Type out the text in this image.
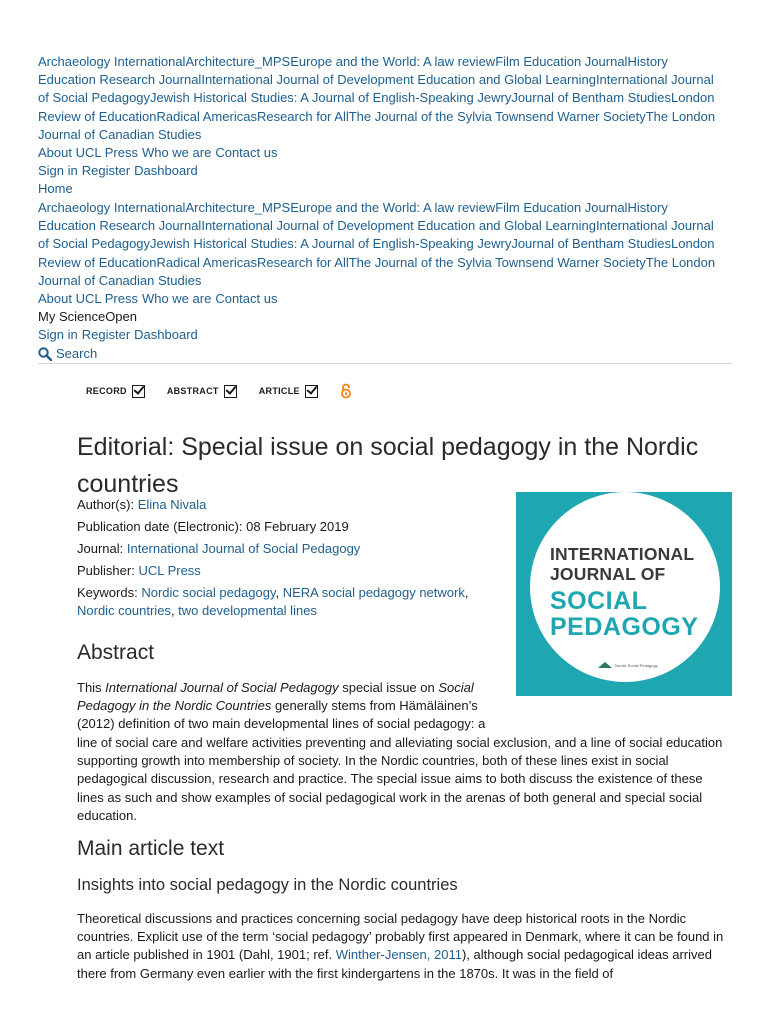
Archaeology InternationalArchitecture_MPSEurope and the World: A law reviewFilm Education JournalHistory Education Research JournalInternational Journal of Development Education and Global LearningInternational Journal of Social PedagogyJewish Historical Studies: A Journal of English-Speaking JewryJournal of Bentham StudiesLondon Review of EducationRadical AmericasResearch for AllThe Journal of the Sylvia Townsend Warner SocietyThe London Journal of Canadian Studies
About UCL Press Who we are Contact us
Sign in Register Dashboard
Home
Archaeology InternationalArchitecture_MPSEurope and the World: A law reviewFilm Education JournalHistory Education Research JournalInternational Journal of Development Education and Global LearningInternational Journal of Social PedagogyJewish Historical Studies: A Journal of English-Speaking JewryJournal of Bentham StudiesLondon Review of EducationRadical AmericasResearch for AllThe Journal of the Sylvia Townsend Warner SocietyThe London Journal of Canadian Studies
About UCL Press Who we are Contact us
My ScienceOpen
Sign in Register Dashboard
Search
RECORD	ABSTRACT	ARTICLE
Editorial: Special issue on social pedagogy in the Nordic countries
Author(s): Elina Nivala
Publication date (Electronic): 08 February 2019
Journal: International Journal of Social Pedagogy
Publisher: UCL Press
Keywords: Nordic social pedagogy, NERA social pedagogy network, Nordic countries, two developmental lines
INTERNATIONAL
JOURNAL OF
SOCIAL
PEDAGOGY
Nordic Social Pedagogy
Abstract
This International Journal of Social Pedagogy special issue on Social Pedagogy in the Nordic Countries generally stems from Hämäläinen’s (2012) definition of two main developmental lines of social pedagogy: a
line of social care and welfare activities preventing and alleviating social exclusion, and a line of social education supporting growth into membership of society. In the Nordic countries, both of these lines exist in social pedagogical discussion, research and practice. The special issue aims to both discuss the existence of these lines as such and show examples of social pedagogical work in the arenas of both general and special social education.
Main article text
Insights into social pedagogy in the Nordic countries
Theoretical discussions and practices concerning social pedagogy have deep historical roots in the Nordic countries. Explicit use of the term ‘social pedagogy’ probably first appeared in Denmark, where it can be found in an article published in 1901 (Dahl, 1901; ref. Winther-Jensen, 2011), although social pedagogical ideas arrived there from Germany even earlier with the first kindergartens in the 1870s. It was in the field of
